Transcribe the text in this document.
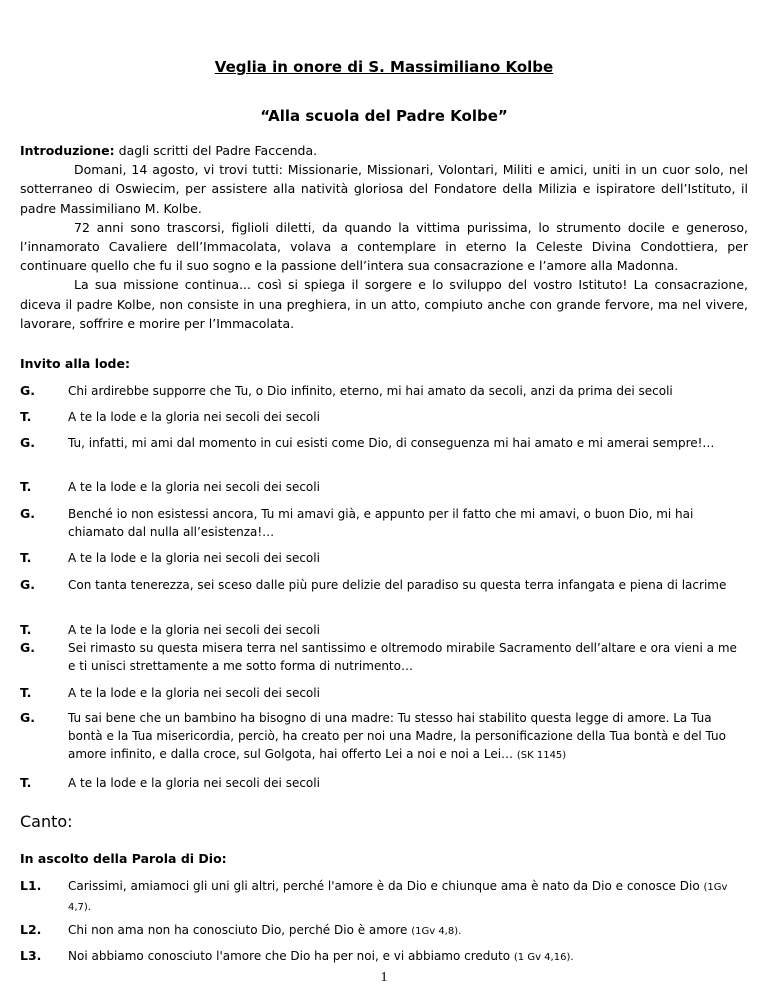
Veglia in onore di S. Massimiliano Kolbe
“Alla scuola del Padre Kolbe”

Introduzione: dagli scritti del Padre Faccenda.

Domani, 14 agosto, vi trovi tutti: Missionarie, Missionari, Volontari, Militi e amici, uniti in un cuor solo, nel sotterraneo di Oswiecim, per assistere alla natività gloriosa del Fondatore della Milizia e ispiratore dell’Istituto, il padre Massimiliano M. Kolbe.

72 anni sono trascorsi, figlioli diletti, da quando la vittima purissima, lo strumento docile e generoso, l’innamorato Cavaliere dell’Immacolata, volava a contemplare in eterno la Celeste Divina Condottiera, per continuare quello che fu il suo sogno e la passione dell’intera sua consacrazione e l’amore alla Madonna.

La sua missione continua... così si spiega il sorgere e lo sviluppo del vostro Istituto! La consacrazione, diceva il padre Kolbe, non consiste in una preghiera, in un atto, compiuto anche con grande fervore, ma nel vivere, lavorare, soffrire e morire per l’Immacolata.

Invito alla lode:
G.	Chi ardirebbe supporre che Tu, o Dio infinito, eterno, mi hai amato da secoli, anzi da prima dei secoli
T.	A te la lode e la gloria nei secoli dei secoli
G.	Tu, infatti, mi ami dal momento in cui esisti come Dio, di conseguenza mi hai amato e mi amerai sempre!…
T.	A te la lode e la gloria nei secoli dei secoli
G.	Benché io non esistessi ancora, Tu mi amavi già, e appunto per il fatto che mi amavi, o buon Dio, mi hai chiamato dal nulla all’esistenza!…
T.	A te la lode e la gloria nei secoli dei secoli
G.	Con tanta tenerezza, sei sceso dalle più pure delizie del paradiso su questa terra infangata e piena di lacrime
T.	A te la lode e la gloria nei secoli dei secoli
G.	Sei rimasto su questa misera terra nel santissimo e oltremodo mirabile Sacramento dell’altare e ora vieni a me e ti unisci strettamente a me sotto forma di nutrimento…
T.	A te la lode e la gloria nei secoli dei secoli
G.	Tu sai bene che un bambino ha bisogno di una madre: Tu stesso hai stabilito questa legge di amore. La Tua bontà e la Tua misericordia, perciò, ha creato per noi una Madre, la personificazione della Tua bontà e del Tuo amore infinito, e dalla croce, sul Golgota, hai offerto Lei a noi e noi a Lei… (SK 1145)
T.	A te la lode e la gloria nei secoli dei secoli
Canto:
In ascolto della Parola di Dio:
L1.	Carissimi, amiamoci gli uni gli altri, perché l'amore è da Dio e chiunque ama è nato da Dio e conosce Dio (1Gv 4,7).
L2.	Chi non ama non ha conosciuto Dio, perché Dio è amore (1Gv 4,8).
L3.	Noi abbiamo conosciuto l'amore che Dio ha per noi, e vi abbiamo creduto (1 Gv 4,16).
1
